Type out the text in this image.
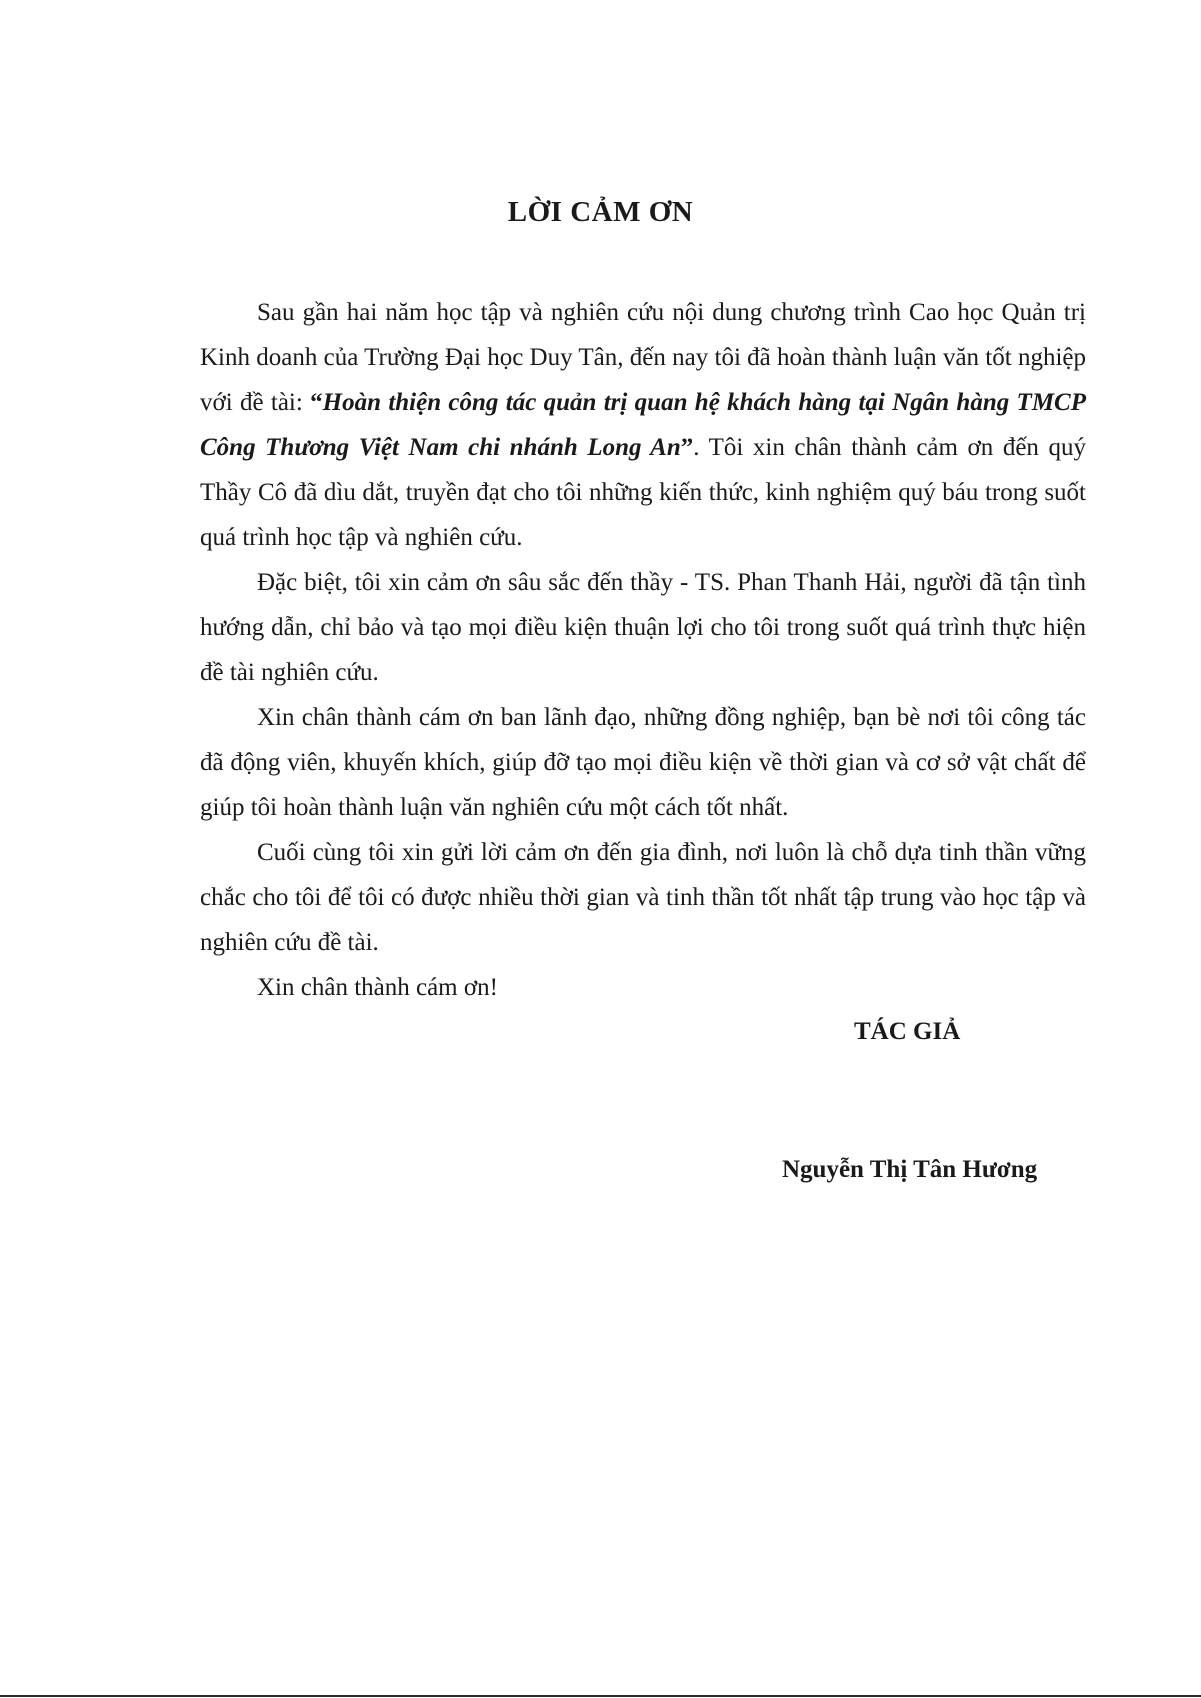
LỜI CẢM ƠN

Sau gần hai năm học tập và nghiên cứu nội dung chương trình Cao học Quản trị Kinh doanh của Trường Đại học Duy Tân, đến nay tôi đã hoàn thành luận văn tốt nghiệp với đề tài: “Hoàn thiện công tác quản trị quan hệ khách hàng tại Ngân hàng TMCP Công Thương Việt Nam chi nhánh Long An”. Tôi xin chân thành cảm ơn đến quý Thầy Cô đã dìu dắt, truyền đạt cho tôi những kiến thức, kinh nghiệm quý báu trong suốt quá trình học tập và nghiên cứu.

Đặc biệt, tôi xin cảm ơn sâu sắc đến thầy - TS. Phan Thanh Hải, người đã tận tình hướng dẫn, chỉ bảo và tạo mọi điều kiện thuận lợi cho tôi trong suốt quá trình thực hiện đề tài nghiên cứu.

Xin chân thành cám ơn ban lãnh đạo, những đồng nghiệp, bạn bè nơi tôi công tác đã động viên, khuyến khích, giúp đỡ tạo mọi điều kiện về thời gian và cơ sở vật chất để giúp tôi hoàn thành luận văn nghiên cứu một cách tốt nhất.

Cuối cùng tôi xin gửi lời cảm ơn đến gia đình, nơi luôn là chỗ dựa tinh thần vững chắc cho tôi để tôi có được nhiều thời gian và tinh thần tốt nhất tập trung vào học tập và nghiên cứu đề tài.

Xin chân thành cám ơn!

TÁC GIẢ
Nguyễn Thị Tân Hương
